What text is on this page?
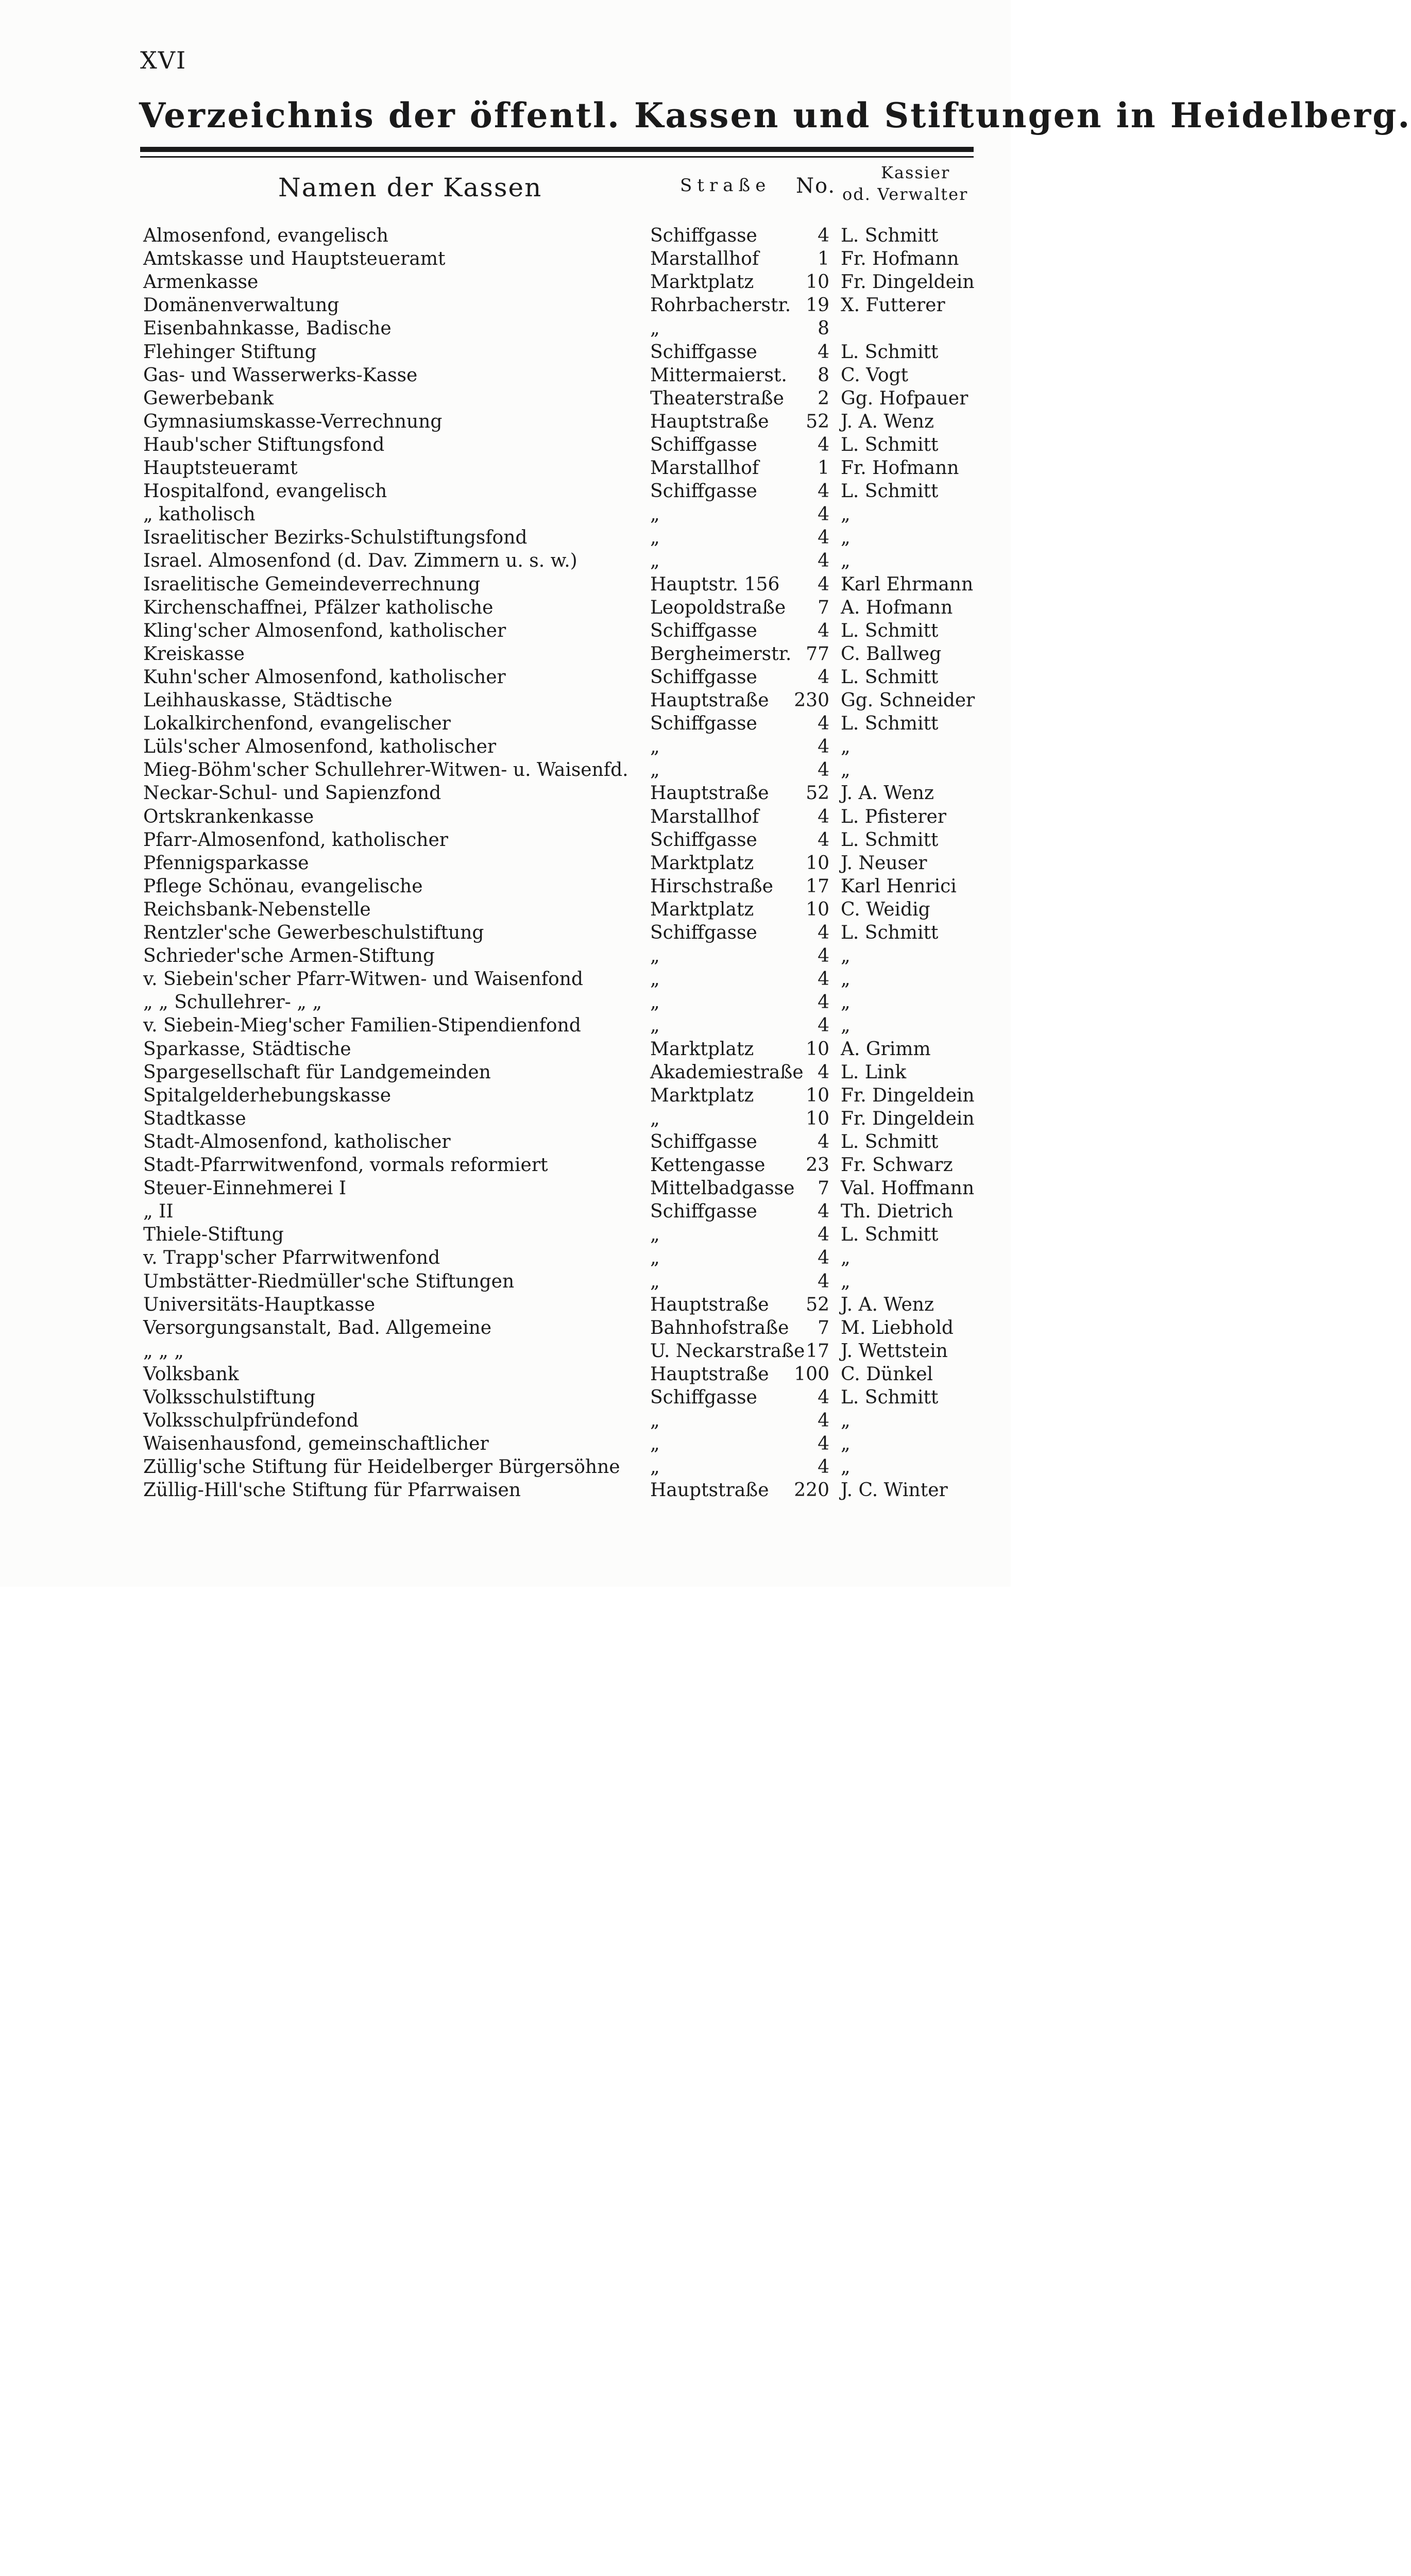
XVI
Verzeichnis der öffentl. Kassen und Stiftungen in Heidelberg.
Namen der Kassen	Straße No.
Kassier
od. Verwalter
Almosenfond, evangelisch	Schiffgasse	4 L. Schmitt
Amtskasse und Hauptsteueramt	Marstallhof	1 Fr. Hofmann
Armenkasse	Marktplatz	10 Fr. Dingeldein
Domänenverwaltung	Rohrbacherstr. 19 X. Futterer
Eisenbahnkasse, Badische	„	8
Flehinger Stiftung	Schiffgasse	4 L. Schmitt
Gas- und Wasserwerks-Kasse	Mittermaierst.	8 C. Vogt
Gewerbebank	Theaterstraße	2 Gg. Hofpauer
Gymnasiumskasse-Verrechnung	Hauptstraße	52 J. A. Wenz
Haub'scher Stiftungsfond	Schiffgasse	4 L. Schmitt
Hauptsteueramt	Marstallhof	1 Fr. Hofmann
Hospitalfond, evangelisch	Schiffgasse	4 L. Schmitt
„ katholisch	„	4 „
Israelitischer Bezirks-Schulstiftungsfond	„	4 „
Israel. Almosenfond (d. Dav. Zimmern u. s. w.)	„	4 „
Israelitische Gemeindeverrechnung	Hauptstr. 156	4 Karl Ehrmann
Kirchenschaffnei, Pfälzer katholische	Leopoldstraße	7 A. Hofmann
Kling'scher Almosenfond, katholischer	Schiffgasse	4 L. Schmitt
Kreiskasse	Bergheimerstr. 77 C. Ballweg
Kuhn'scher Almosenfond, katholischer	Schiffgasse	4 L. Schmitt
Leihhauskasse, Städtische	Hauptstraße	230 Gg. Schneider
Lokalkirchenfond, evangelischer	Schiffgasse	4 L. Schmitt
Lüls'scher Almosenfond, katholischer	„	4 „
Mieg-Böhm'scher Schullehrer-Witwen- u. Waisenfd.	„	4 „
Neckar-Schul- und Sapienzfond	Hauptstraße	52 J. A. Wenz
Ortskrankenkasse	Marstallhof	4 L. Pfisterer
Pfarr-Almosenfond, katholischer	Schiffgasse	4 L. Schmitt
Pfennigsparkasse	Marktplatz	10 J. Neuser
Pflege Schönau, evangelische	Hirschstraße	17 Karl Henrici
Reichsbank-Nebenstelle	Marktplatz	10 C. Weidig
Rentzler'sche Gewerbeschulstiftung	Schiffgasse	4 L. Schmitt
Schrieder'sche Armen-Stiftung	„	4 „
v. Siebein'scher Pfarr-Witwen- und Waisenfond	„	4 „
„ „ Schullehrer- „ „	„	4 „
v. Siebein-Mieg'scher Familien-Stipendienfond	„	4 „
Sparkasse, Städtische	Marktplatz	10 A. Grimm
Spargesellschaft für Landgemeinden	Akademiestraße 4 L. Link
Spitalgelderhebungskasse	Marktplatz	10 Fr. Dingeldein
Stadtkasse	„	10 Fr. Dingeldein
Stadt-Almosenfond, katholischer	Schiffgasse	4 L. Schmitt
Stadt-Pfarrwitwenfond, vormals reformiert	Kettengasse	23 Fr. Schwarz
Steuer-Einnehmerei I	Mittelbadgasse	7 Val. Hoffmann
„ II	Schiffgasse	4 Th. Dietrich
Thiele-Stiftung	„	4 L. Schmitt
v. Trapp'scher Pfarrwitwenfond	„	4 „
Umbstätter-Riedmüller'sche Stiftungen	„	4 „
Universitäts-Hauptkasse	Hauptstraße	52 J. A. Wenz
Versorgungsanstalt, Bad. Allgemeine	Bahnhofstraße	7 M. Liebhold
„ „ „	U. Neckarstraße 17 J. Wettstein
Volksbank	Hauptstraße	100 C. Dünkel
Volksschulstiftung	Schiffgasse	4 L. Schmitt
Volksschulpfründefond	„	4 „
Waisenhausfond, gemeinschaftlicher	„	4 „
Züllig'sche Stiftung für Heidelberger Bürgersöhne	„	4 „
Züllig-Hill'sche Stiftung für Pfarrwaisen	Hauptstraße	220 J. C. Winter
